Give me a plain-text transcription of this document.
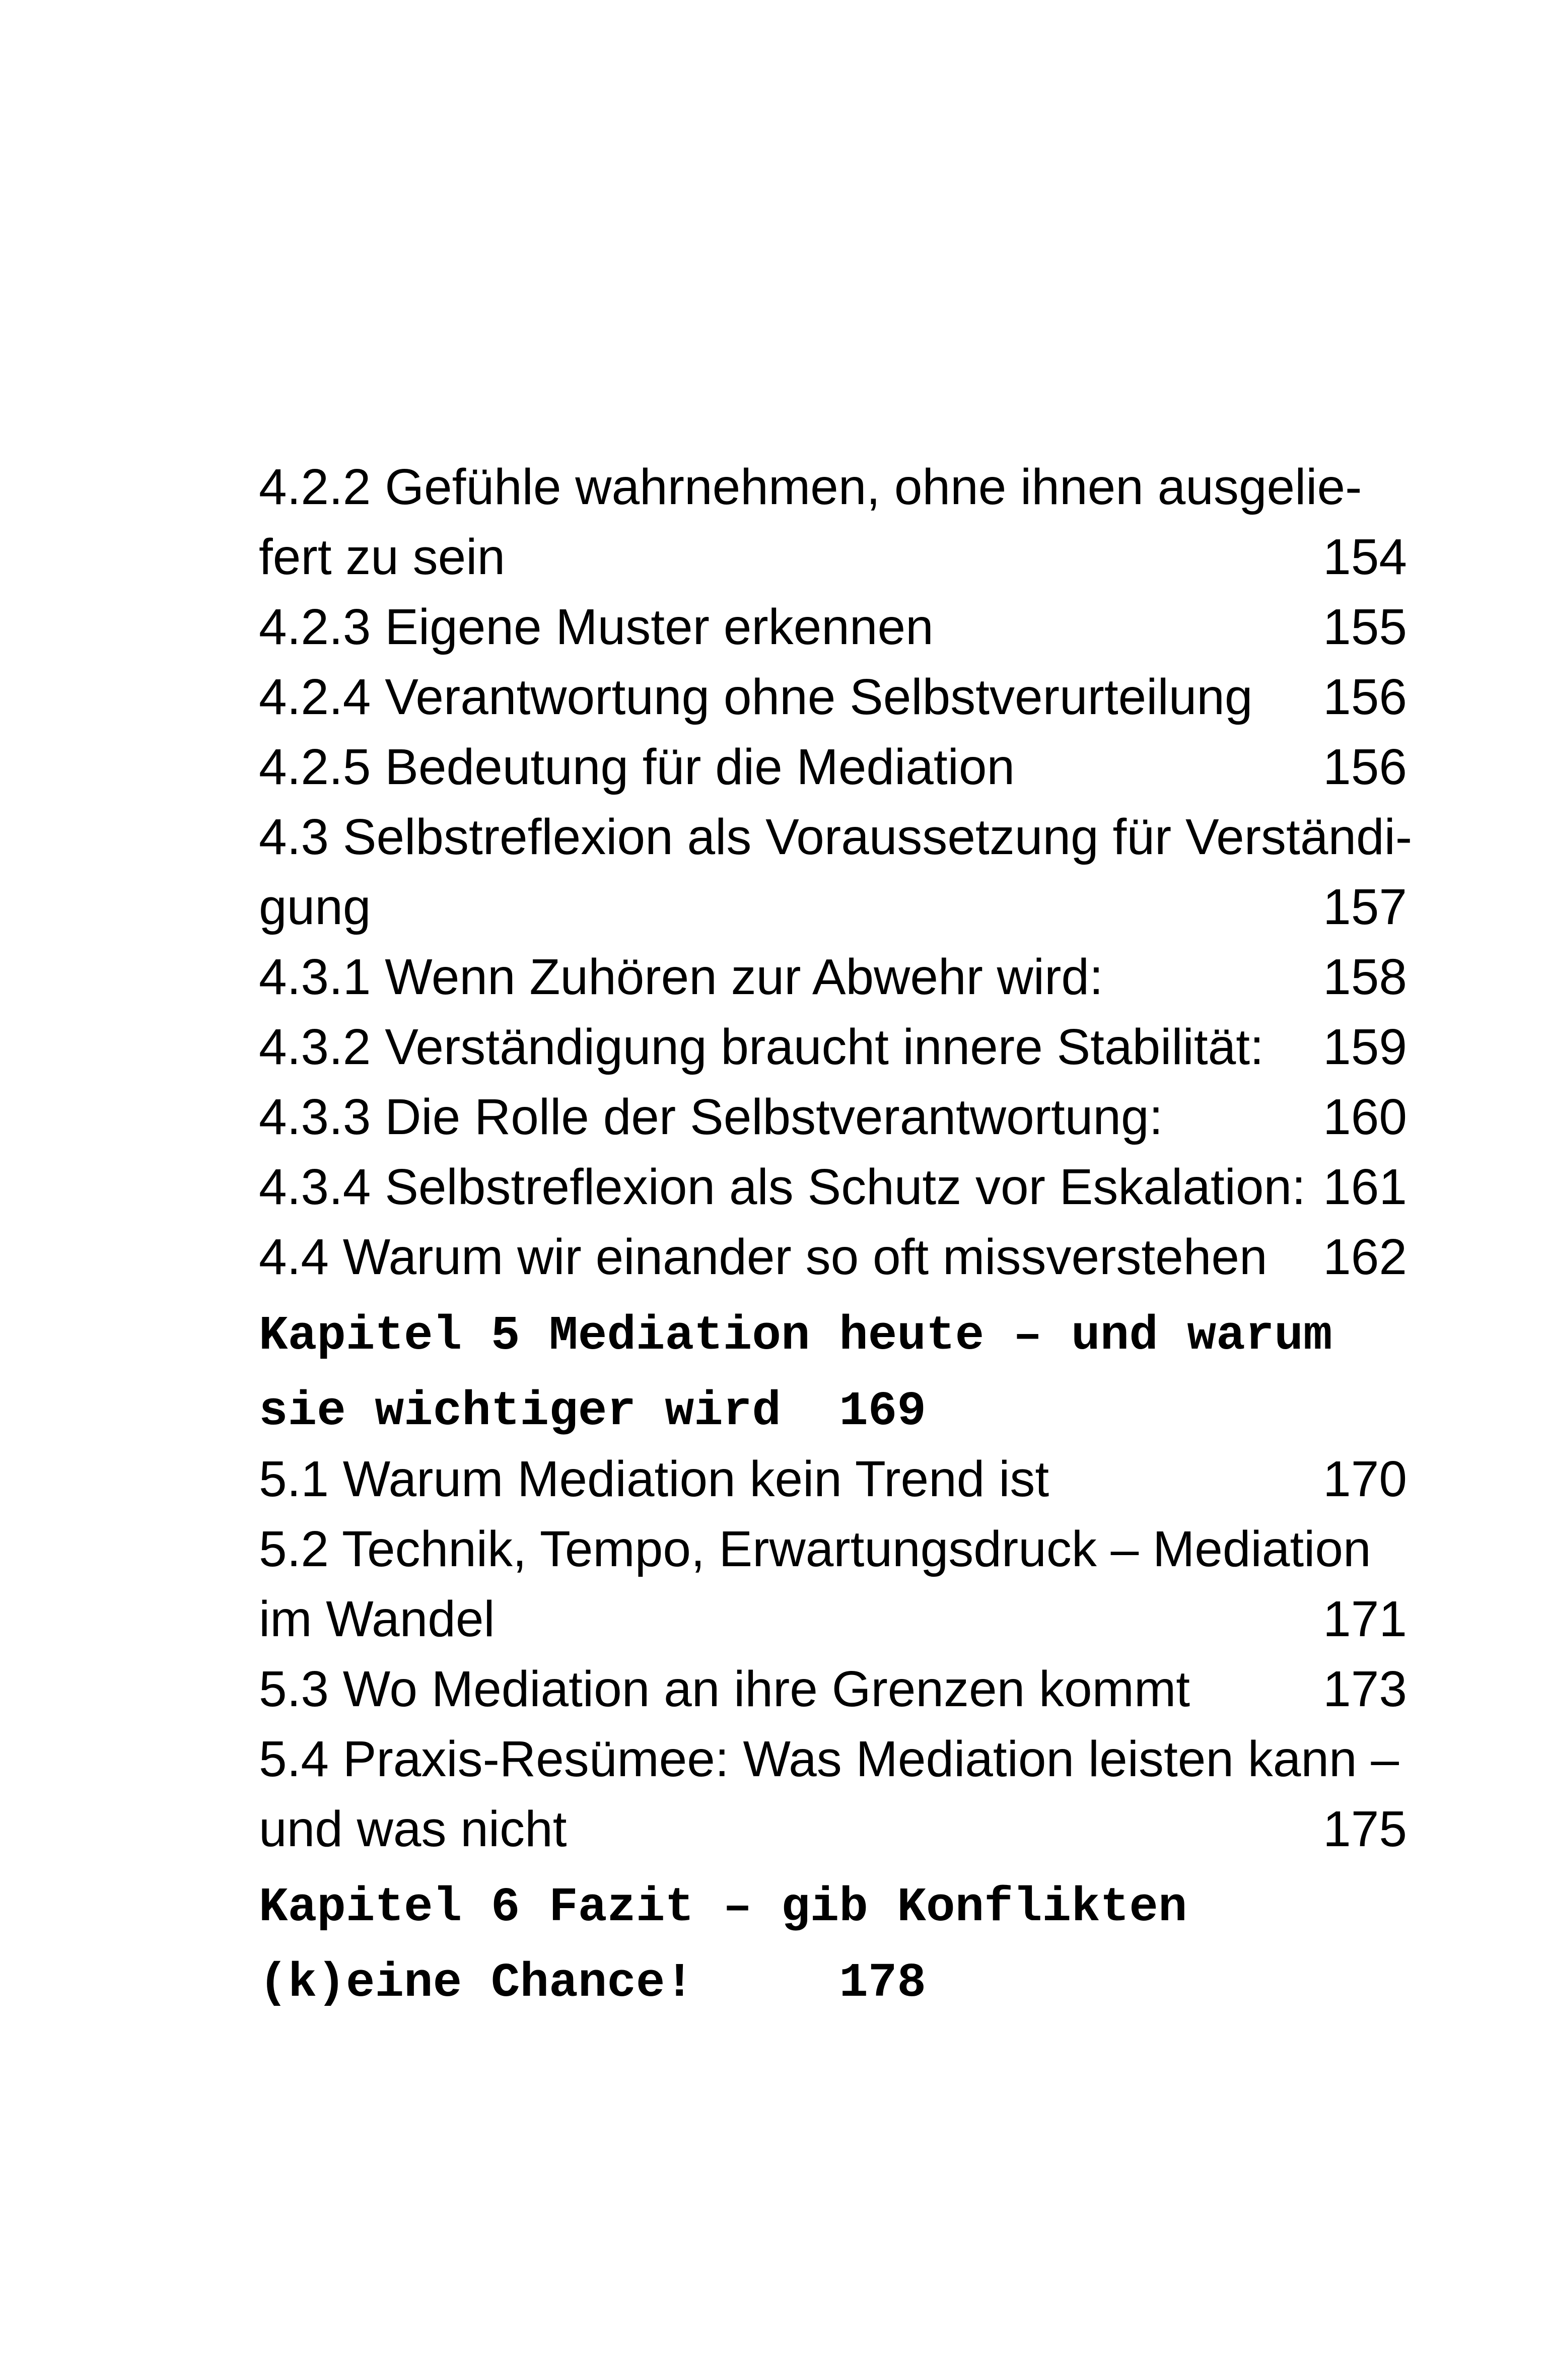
4.2.2 Gefühle wahrnehmen, ohne ihnen ausgelie-
fert zu sein	154
4.2.3 Eigene Muster erkennen	155
4.2.4 Verantwortung ohne Selbstverurteilung 156
4.2.5 Bedeutung für die Mediation	156
4.3 Selbstreflexion als Voraussetzung für Verständi-
gung	157
4.3.1 Wenn Zuhören zur Abwehr wird:	158
4.3.2 Verständigung braucht innere Stabilität: 159
4.3.3 Die Rolle der Selbstverantwortung:	160
4.3.4 Selbstreflexion als Schutz vor Eskalation: 161
4.4 Warum wir einander so oft missverstehen 162
Kapitel 5 Mediation heute – und warum
sie wichtiger wird  169
5.1 Warum Mediation kein Trend ist	170
5.2 Technik, Tempo, Erwartungsdruck – Mediation
im Wandel	171
5.3 Wo Mediation an ihre Grenzen kommt	173
5.4 Praxis-Resümee: Was Mediation leisten kann –
und was nicht	175
Kapitel 6 Fazit – gib Konflikten
(k)eine Chance!     178
